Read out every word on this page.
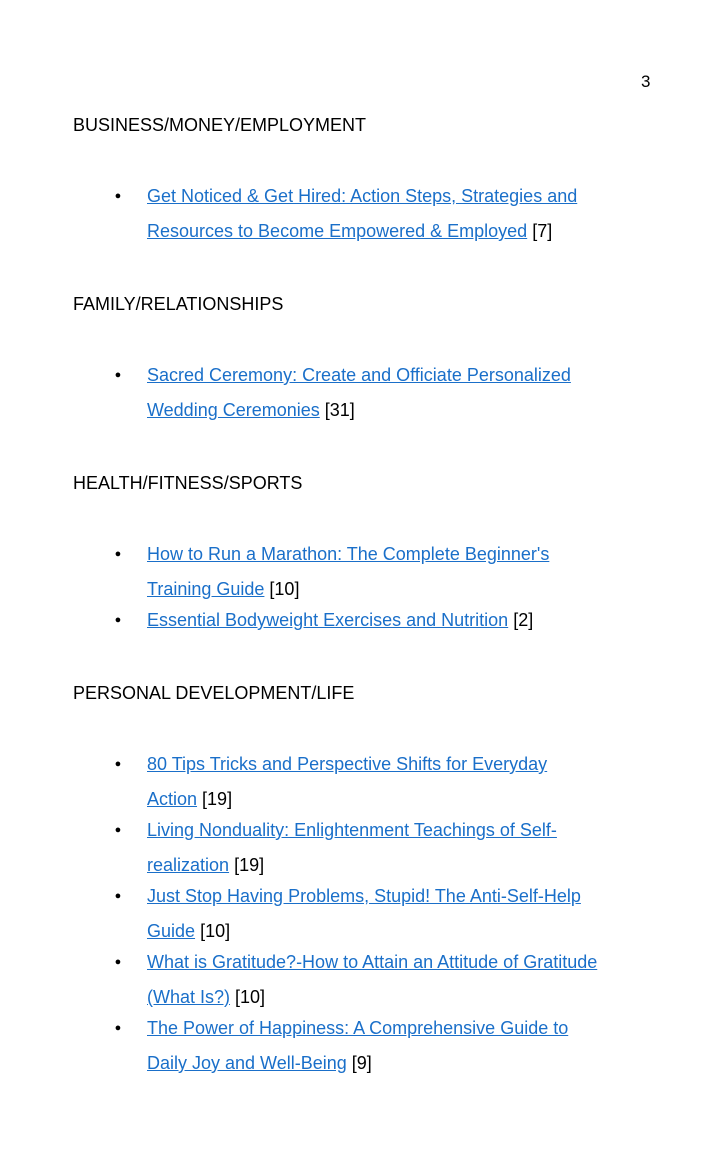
3
BUSINESS/MONEY/EMPLOYMENT
● Get Noticed & Get Hired: Action Steps, Strategies and
Resources to Become Empowered & Employed [7]
FAMILY/RELATIONSHIPS
● Sacred Ceremony: Create and Officiate Personalized
Wedding Ceremonies [31]
HEALTH/FITNESS/SPORTS
● How to Run a Marathon: The Complete Beginner's
Training Guide [10]
● Essential Bodyweight Exercises and Nutrition [2]
PERSONAL DEVELOPMENT/LIFE
● 80 Tips Tricks and Perspective Shifts for Everyday
Action [19]
● Living Nonduality: Enlightenment Teachings of Self-
realization [19]
● Just Stop Having Problems, Stupid! The Anti-Self-Help
Guide [10]
● What is Gratitude?-How to Attain an Attitude of Gratitude
(What Is?) [10]
● The Power of Happiness: A Comprehensive Guide to
Daily Joy and Well-Being [9]
